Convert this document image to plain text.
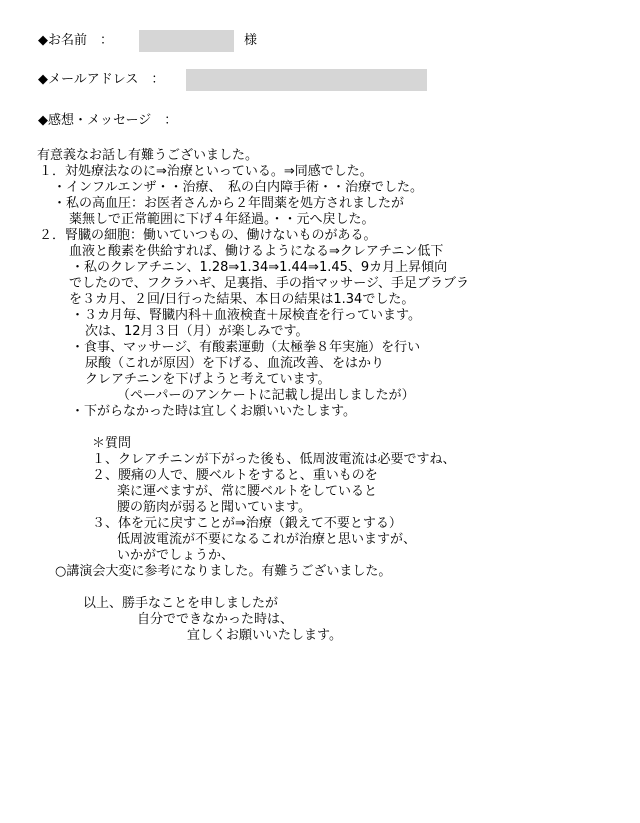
◆お名前　：	様
◆メールアドレス　：
◆感想・メッセージ　：
有意義なお話し有難うございました。
１．対処療法なのに⇒治療といっている。⇒同感でした。
・インフルエンザ・・治療、　私の白内障手術・・治療でした。
・私の高血圧：お医者さんから２年間薬を処方されましたが
薬無しで正常範囲に下げ４年経過。・・元へ戻した。
２．腎臓の細胞：働いていつもの、働けないものがある。
血液と酸素を供給すれば、働けるようになる⇒クレアチニン低下
・私のクレアチニン、1.28⇒1.34⇒1.44⇒1.45、9カ月上昇傾向
でしたので、フクラハギ、足裏指、手の指マッサージ、手足ブラブラ
を３カ月、２回/日行った結果、本日の結果は1.34でした。
・３カ月毎、腎臓内科＋血液検査＋尿検査を行っています。
次は、12月３日（月）が楽しみです。
・食事、マッサージ、有酸素運動（太極拳８年実施）を行い
尿酸（これが原因）を下げる、血流改善、をはかり
クレアチニンを下げようと考えています。
（ペーパーのアンケートに記載し提出しましたが）
・下がらなかった時は宜しくお願いいたします。
＊質問
１、クレアチニンが下がった後も、低周波電流は必要ですね、
２、腰痛の人で、腰ベルトをすると、重いものを
楽に運べますが、常に腰ベルトをしていると
腰の筋肉が弱ると聞いています。
３、体を元に戻すことが⇒治療（鍛えて不要とする）
低周波電流が不要になるこれが治療と思いますが、
いかがでしょうか、
○講演会大変に参考になりました。有難うございました。
以上、勝手なことを申しましたが
自分でできなかった時は、
宜しくお願いいたします。
